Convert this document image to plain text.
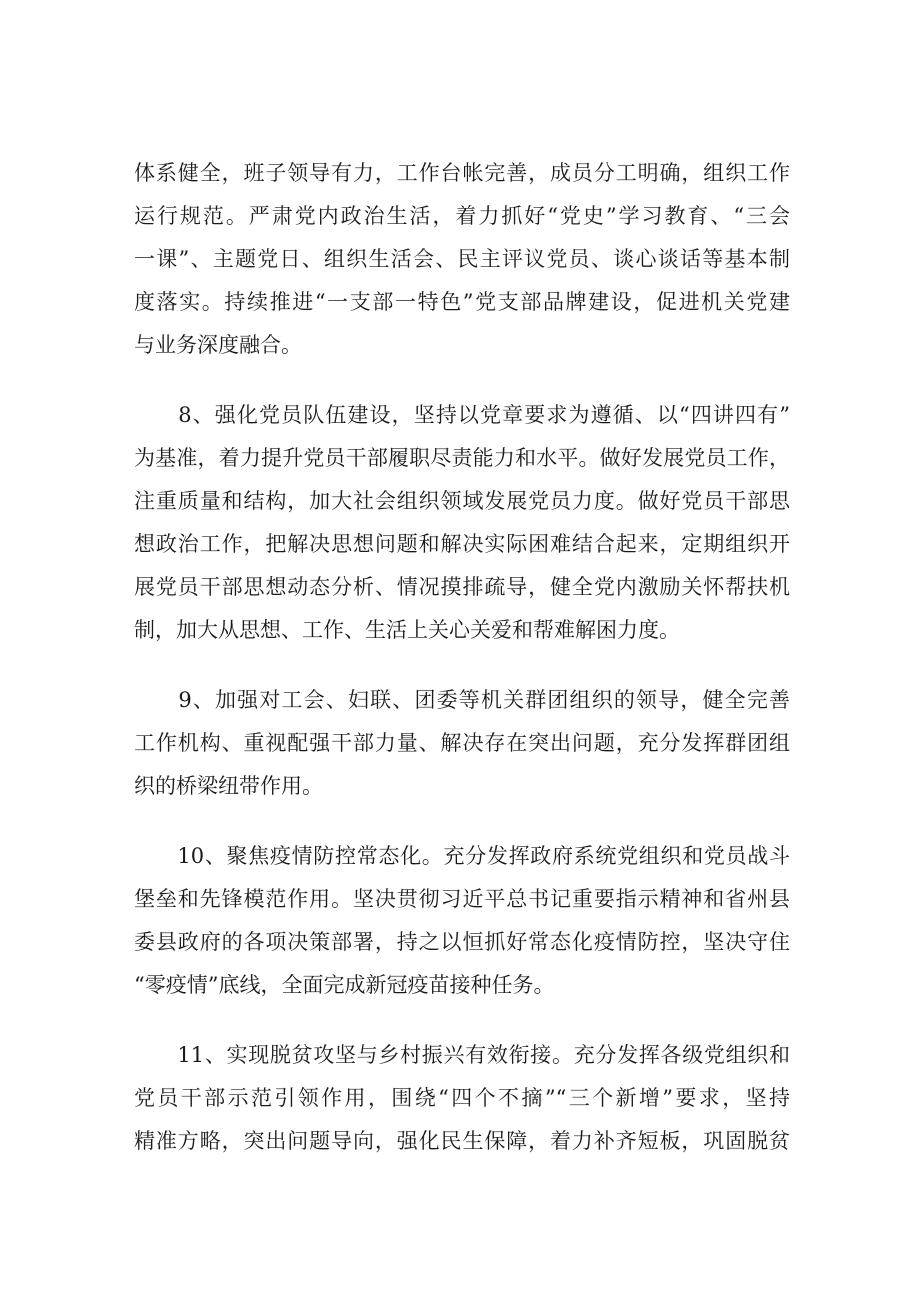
体系健全，班子领导有力，工作台帐完善，成员分工明确，组织工作
运行规范。严肃党内政治生活，着力抓好“党史”学习教育、“三会
一课”、主题党日、组织生活会、民主评议党员、谈心谈话等基本制
度落实。持续推进“一支部一特色”党支部品牌建设，促进机关党建
与业务深度融合。
　　8、强化党员队伍建设，坚持以党章要求为遵循、以“四讲四有”
为基准，着力提升党员干部履职尽责能力和水平。做好发展党员工作，
注重质量和结构，加大社会组织领域发展党员力度。做好党员干部思
想政治工作，把解决思想问题和解决实际困难结合起来，定期组织开
展党员干部思想动态分析、情况摸排疏导，健全党内激励关怀帮扶机
制，加大从思想、工作、生活上关心关爱和帮难解困力度。
　　9、加强对工会、妇联、团委等机关群团组织的领导，健全完善
工作机构、重视配强干部力量、解决存在突出问题，充分发挥群团组
织的桥梁纽带作用。
　　10、聚焦疫情防控常态化。充分发挥政府系统党组织和党员战斗
堡垒和先锋模范作用。坚决贯彻习近平总书记重要指示精神和省州县
委县政府的各项决策部署，持之以恒抓好常态化疫情防控，坚决守住
“零疫情”底线，全面完成新冠疫苗接种任务。
　　11、实现脱贫攻坚与乡村振兴有效衔接。充分发挥各级党组织和
党员干部示范引领作用，围绕“四个不摘”“三个新增”要求，坚持
精准方略，突出问题导向，强化民生保障，着力补齐短板，巩固脱贫
